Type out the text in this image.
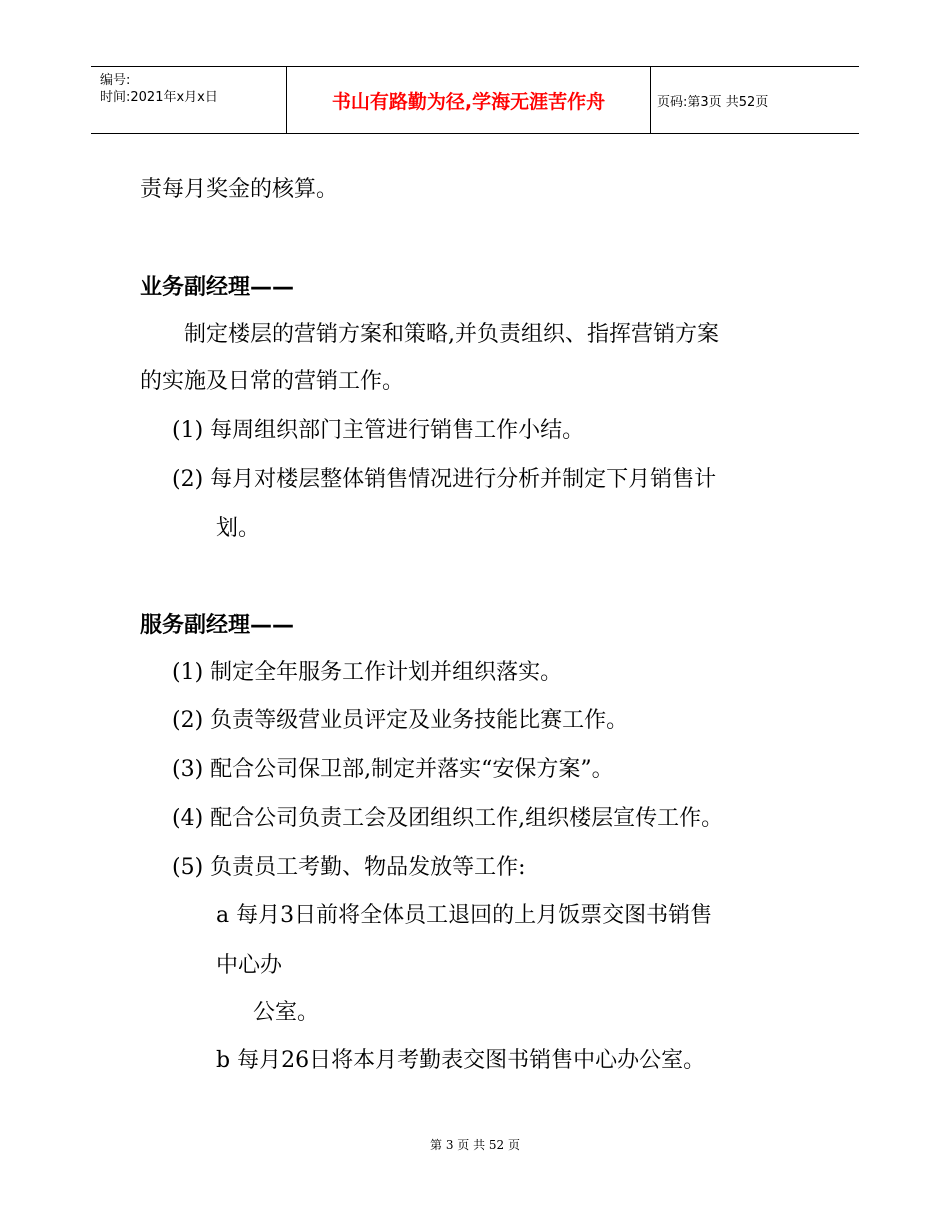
编号:
时间:2021年x月x日	书山有路勤为径,学海无涯苦作舟	页码:第3页 共52页
责每月奖金的核算。
业务副经理——
制定楼层的营销方案和策略,并负责组织、指挥营销方案
的实施及日常的营销工作。
(1) 每周组织部门主管进行销售工作小结。
(2) 每月对楼层整体销售情况进行分析并制定下月销售计
划。
服务副经理——
(1) 制定全年服务工作计划并组织落实。
(2) 负责等级营业员评定及业务技能比赛工作。
(3) 配合公司保卫部,制定并落实“安保方案”。
(4) 配合公司负责工会及团组织工作,组织楼层宣传工作。
(5) 负责员工考勤、物品发放等工作:
a 每月3日前将全体员工退回的上月饭票交图书销售
中心办
公室。
b 每月26日将本月考勤表交图书销售中心办公室。
第 3 页 共 52 页
